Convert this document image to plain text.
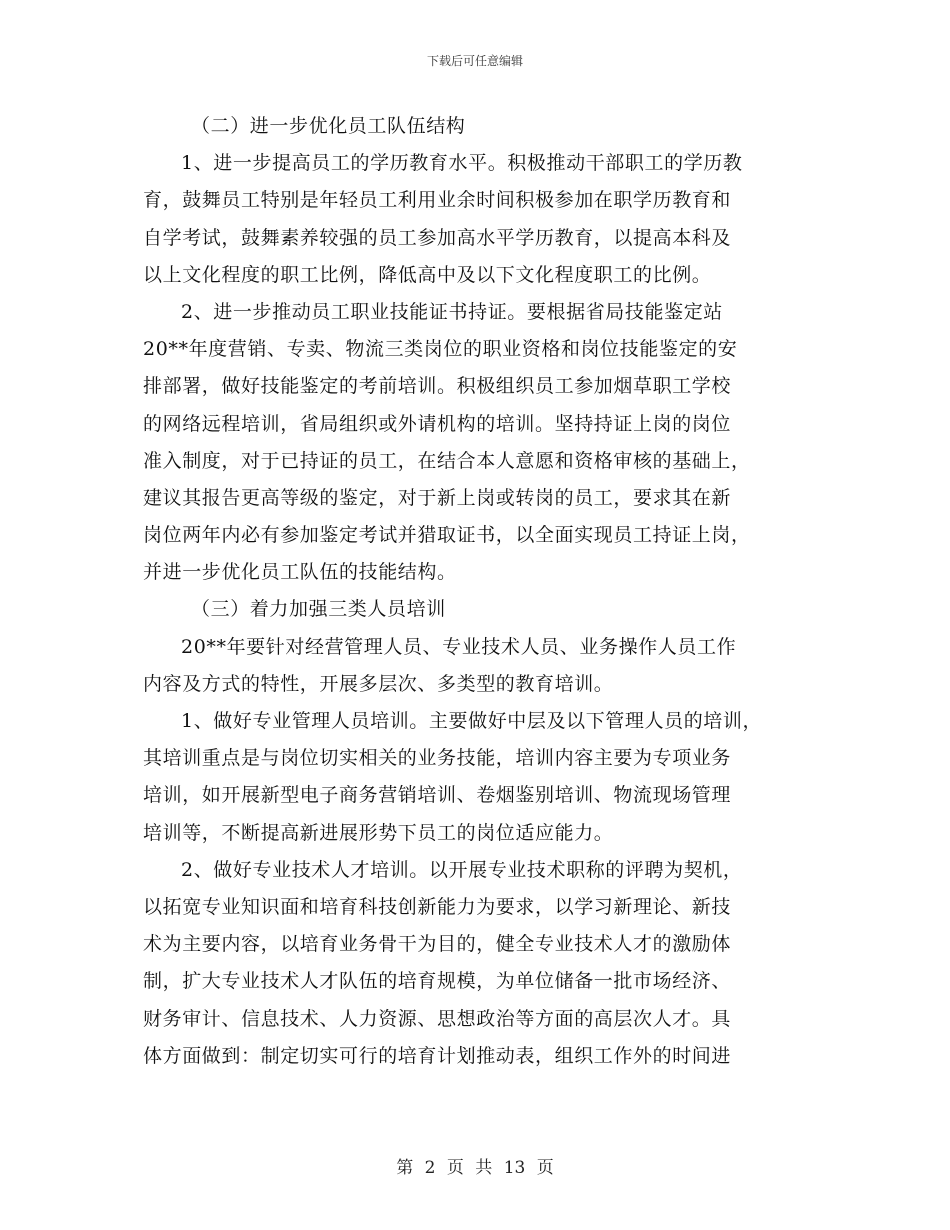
下载后可任意编辑
（二）进一步优化员工队伍结构
1、进一步提高员工的学历教育水平。积极推动干部职工的学历教
育，鼓舞员工特别是年轻员工利用业余时间积极参加在职学历教育和
自学考试，鼓舞素养较强的员工参加高水平学历教育，以提高本科及
以上文化程度的职工比例，降低高中及以下文化程度职工的比例。
2、进一步推动员工职业技能证书持证。要根据省局技能鉴定站
20**年度营销、专卖、物流三类岗位的职业资格和岗位技能鉴定的安
排部署，做好技能鉴定的考前培训。积极组织员工参加烟草职工学校
的网络远程培训，省局组织或外请机构的培训。坚持持证上岗的岗位
准入制度，对于已持证的员工，在结合本人意愿和资格审核的基础上，
建议其报告更高等级的鉴定，对于新上岗或转岗的员工，要求其在新
岗位两年内必有参加鉴定考试并猎取证书，以全面实现员工持证上岗，
并进一步优化员工队伍的技能结构。
（三）着力加强三类人员培训
20**年要针对经营管理人员、专业技术人员、业务操作人员工作
内容及方式的特性，开展多层次、多类型的教育培训。
1、做好专业管理人员培训。主要做好中层及以下管理人员的培训，
其培训重点是与岗位切实相关的业务技能，培训内容主要为专项业务
培训，如开展新型电子商务营销培训、卷烟鉴别培训、物流现场管理
培训等，不断提高新进展形势下员工的岗位适应能力。
2、做好专业技术人才培训。以开展专业技术职称的评聘为契机，
以拓宽专业知识面和培育科技创新能力为要求，以学习新理论、新技
术为主要内容，以培育业务骨干为目的，健全专业技术人才的激励体
制，扩大专业技术人才队伍的培育规模，为单位储备一批市场经济、
财务审计、信息技术、人力资源、思想政治等方面的高层次人才。具
体方面做到：制定切实可行的培育计划推动表，组织工作外的时间进
第 2 页 共 13 页
